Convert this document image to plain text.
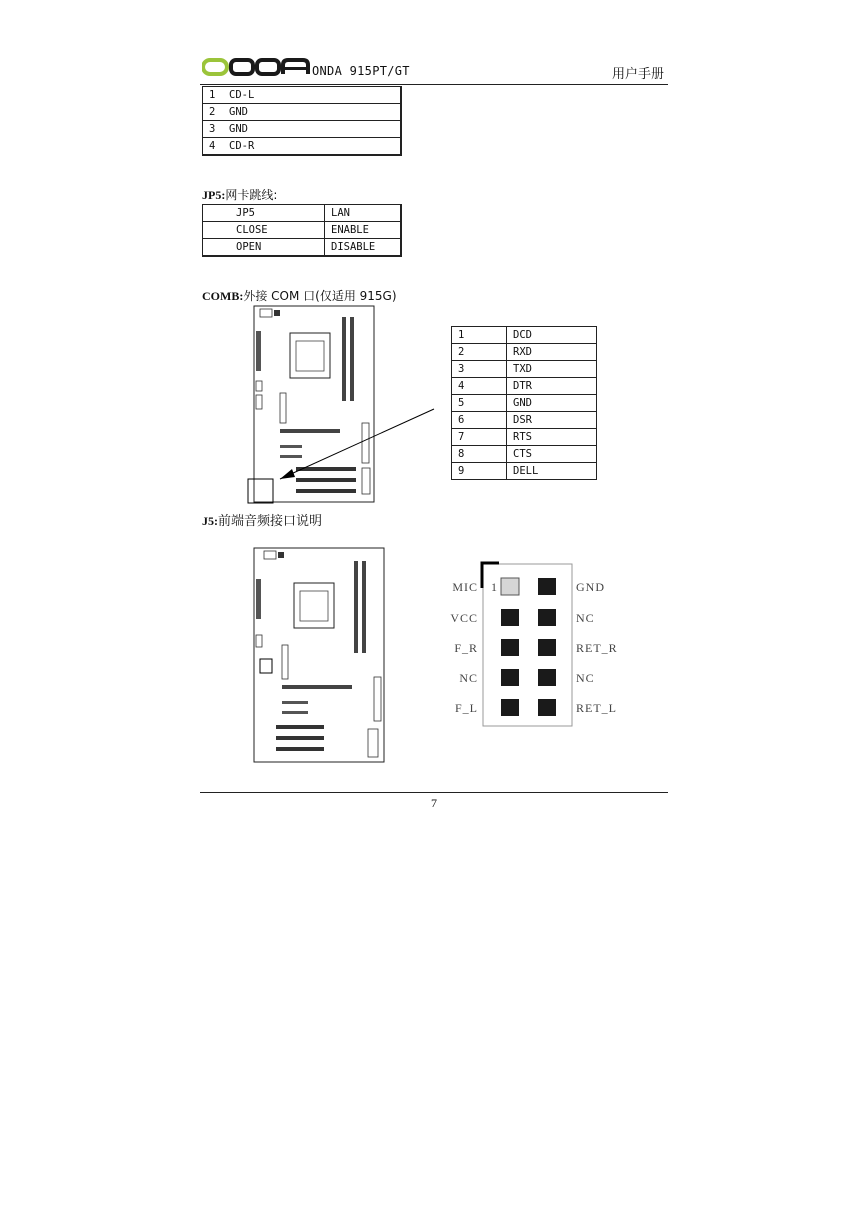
ONDA 915PT/GT	用户手册
1	CD-L
2	GND
3	GND
4	CD-R
JP5:网卡跳线:
JP5	LAN
CLOSE	ENABLE
OPEN	DISABLE
COMB:外接 COM 口(仅适用 915G)
1	DCD
2	RXD
3	TXD
4	DTR
5	GND
6	DSR
7	RTS
8	CTS
9	DELL
J5:前端音频接口说明
1
MIC
VCC
F_R
NC
F_L
GND
NC
RET_R
NC
RET_L
7
